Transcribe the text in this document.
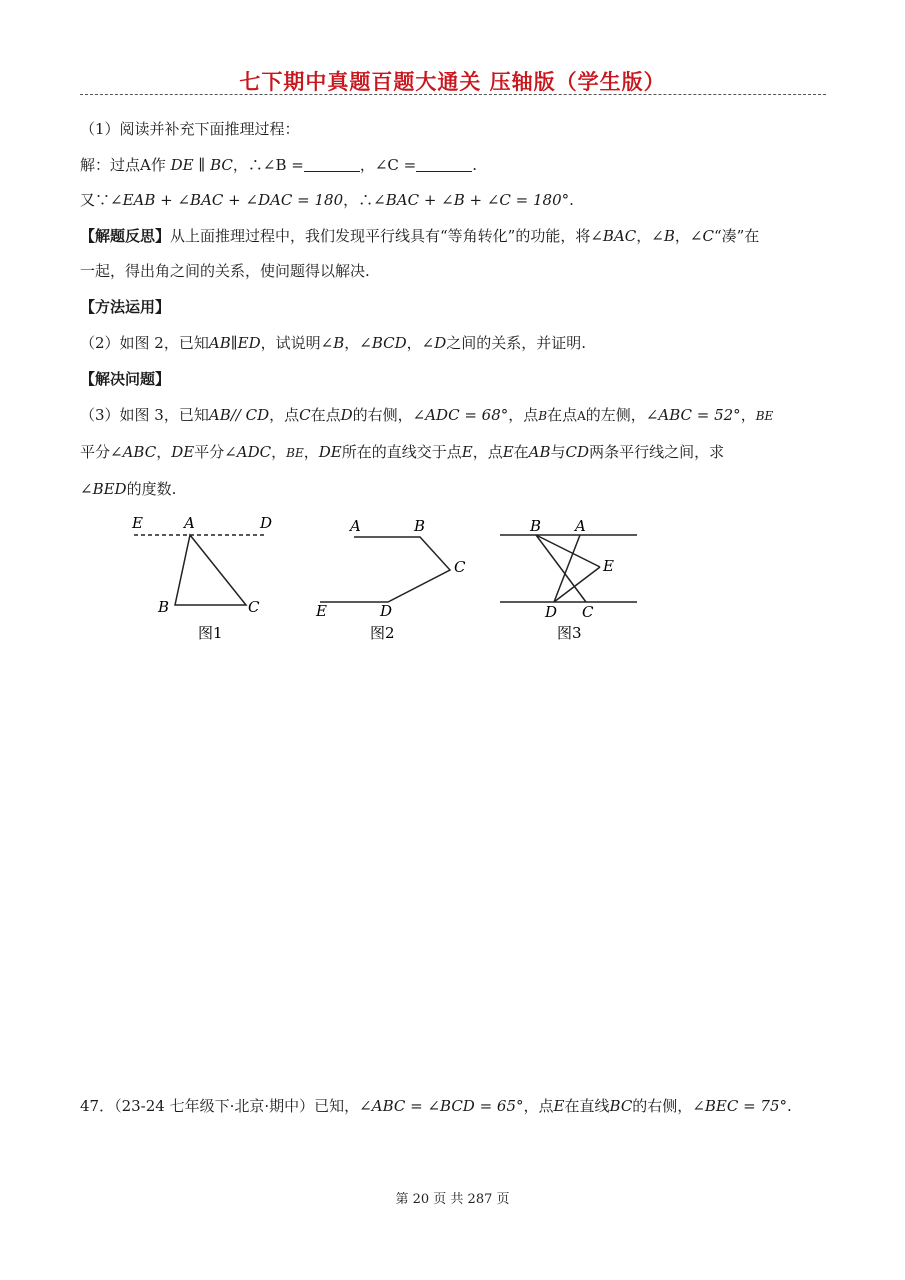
七下期中真题百题大通关 压轴版（学生版）
（1）阅读并补充下面推理过程：
解：过点A作 DE ∥ BC，∴∠B =	，∠C =	.
又∵∠EAB + ∠BAC + ∠DAC = 180，∴∠BAC + ∠B + ∠C = 180°.
【解题反思】从上面推理过程中，我们发现平行线具有“等角转化”的功能，将∠BAC，∠B，∠C“凑”在
一起，得出角之间的关系，使问题得以解决.
【方法运用】
（2）如图 2，已知AB∥ED，试说明∠B，∠BCD，∠D之间的关系，并证明.
【解决问题】
（3）如图 3，已知AB// CD，点C在点D的右侧，∠ADC = 68°，点B在点A的左侧，∠ABC = 52°，BE
平分∠ABC，DE平分∠ADC，BE，DE所在的直线交于点E，点E在AB与CD两条平行线之间，求
∠BED的度数.
E	A	D
B	C
图1
A	B
C
E	D
图2
B A
E
D C
图3
47．（23-24 七年级下·北京·期中）已知，∠ABC = ∠BCD = 65°，点E在直线BC的右侧，∠BEC = 75°.
第 20 页 共 287 页
